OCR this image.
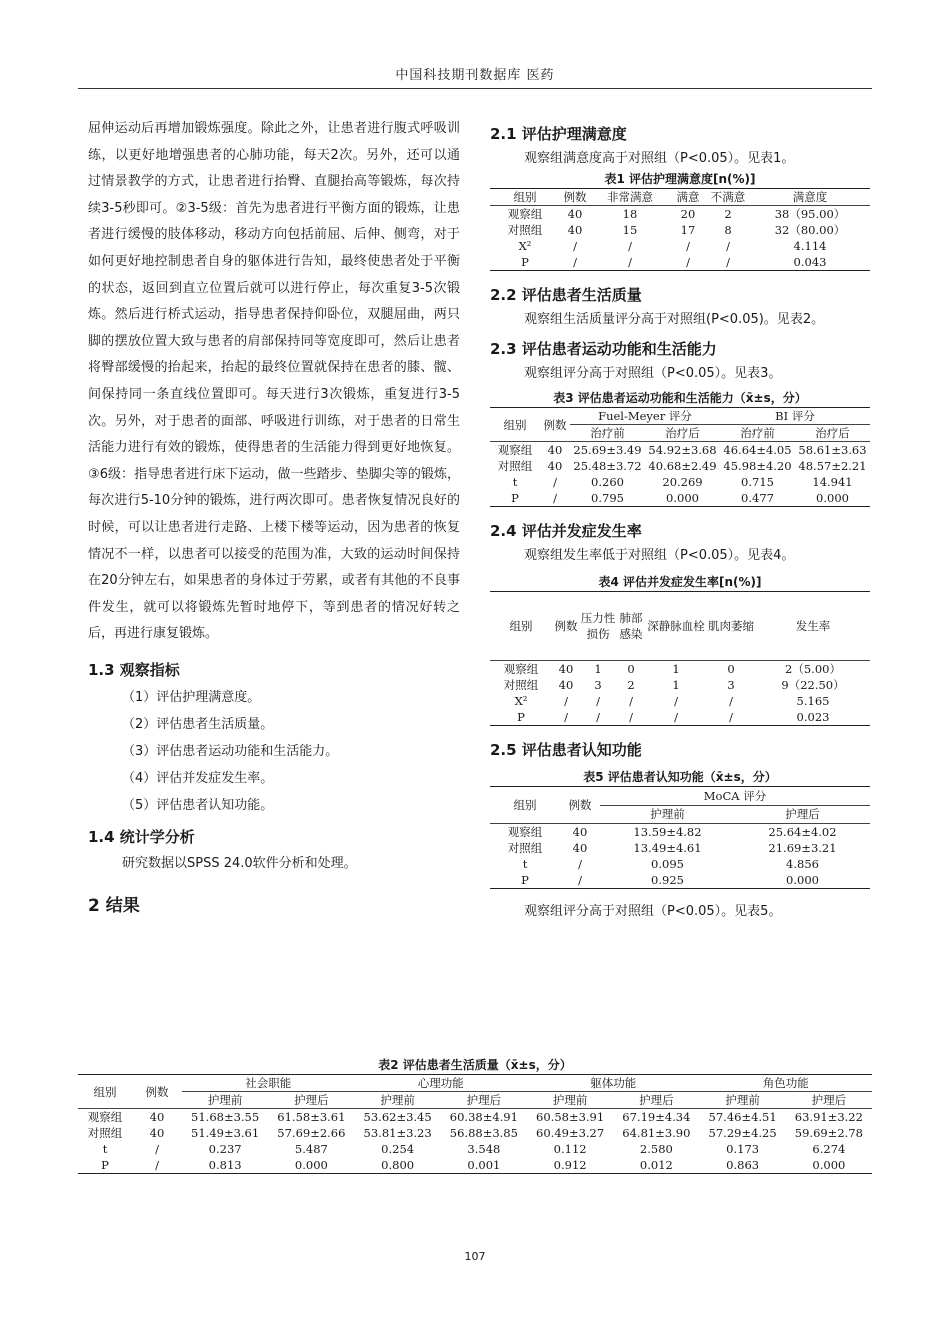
中国科技期刊数据库 医药

屈伸运动后再增加锻炼强度。除此之外，让患者进行腹式呼吸训练，以更好地增强患者的心肺功能，每天2次。另外，还可以通过情景教学的方式，让患者进行抬臀、直腿抬高等锻炼，每次持续3-5秒即可。②3-5级：首先为患者进行平衡方面的锻炼，让患者进行缓慢的肢体移动，移动方向包括前屈、后伸、侧弯，对于如何更好地控制患者自身的躯体进行告知，最终使患者处于平衡的状态，返回到直立位置后就可以进行停止，每次重复3-5次锻炼。然后进行桥式运动，指导患者保持仰卧位，双腿屈曲，两只脚的摆放位置大致与患者的肩部保持同等宽度即可，然后让患者将臀部缓慢的抬起来，抬起的最终位置就保持在患者的膝、髋、间保持同一条直线位置即可。每天进行3次锻炼，重复进行3-5次。另外，对于患者的面部、呼吸进行训练，对于患者的日常生活能力进行有效的锻炼，使得患者的生活能力得到更好地恢复。③6级：指导患者进行床下运动，做一些踏步、垫脚尖等的锻炼，每次进行5-10分钟的锻炼，进行两次即可。患者恢复情况良好的时候，可以让患者进行走路、上楼下楼等运动，因为患者的恢复情况不一样，以患者可以接受的范围为准，大致的运动时间保持在20分钟左右，如果患者的身体过于劳累，或者有其他的不良事件发生，就可以将锻炼先暂时地停下，等到患者的情况好转之后，再进行康复锻炼。

1.3 观察指标
（1）评估护理满意度。
（2）评估患者生活质量。
（3）评估患者运动功能和生活能力。
（4）评估并发症发生率。
（5）评估患者认知功能。
1.4 统计学分析
研究数据以SPSS 24.0软件分析和处理。
2 结果
2.1 评估护理满意度

观察组满意度高于对照组（P<0.05）。见表1。

表1 评估护理满意度[n(%)]
组别	例数	非常满意	满意	不满意	满意度
观察组	40	18	20	2	38（95.00）
对照组	40	15	17	8	32（80.00）
X²	/	/	/	/	4.114
P	/	/	/	/	0.043
2.2 评估患者生活质量

观察组生活质量评分高于对照组(P<0.05)。见表2。

2.3 评估患者运动功能和生活能力

观察组评分高于对照组（P<0.05）。见表3。

表3 评估患者运动功能和生活能力（x̄±s，分）
组别	例数	Fuel-Meyer 评分		BI 评分	
		治疗前	治疗后	治疗前	治疗后
观察组	40	25.69±3.49	54.92±3.68	46.64±4.05	58.61±3.63
对照组	40	25.48±3.72	40.68±2.49	45.98±4.20	48.57±2.21
t	/	0.260	20.269	0.715	14.941
P	/	0.795	0.000	0.477	0.000
2.4 评估并发症发生率

观察组发生率低于对照组（P<0.05）。见表4。

表4 评估并发症发生率[n(%)]
组别	例数	压力性损伤	肺部感染	深静脉血栓	肌肉萎缩	发生率
观察组	40	1	0	1	0	2（5.00）
对照组	40	3	2	1	3	9（22.50）
X²	/	/	/	/	/	5.165
P	/	/	/	/	/	0.023
2.5 评估患者认知功能
表5 评估患者认知功能（x̄±s，分）
组别	例数	MoCA 评分	
		护理前	护理后
观察组	40	13.59±4.82	25.64±4.02
对照组	40	13.49±4.61	21.69±3.21
t	/	0.095	4.856
P	/	0.925	0.000

观察组评分高于对照组（P<0.05）。见表5。

表2 评估患者生活质量（x̄±s，分）
组别	例数	社会职能		心理功能		躯体功能		角色功能	
		护理前	护理后	护理前	护理后	护理前	护理后	护理前	护理后
观察组	40	51.68±3.55	61.58±3.61	53.62±3.45	60.38±4.91	60.58±3.91	67.19±4.34	57.46±4.51	63.91±3.22
对照组	40	51.49±3.61	57.69±2.66	53.81±3.23	56.88±3.85	60.49±3.27	64.81±3.90	57.29±4.25	59.69±2.78
t	/	0.237	5.487	0.254	3.548	0.112	2.580	0.173	6.274
P	/	0.813	0.000	0.800	0.001	0.912	0.012	0.863	0.000
107
